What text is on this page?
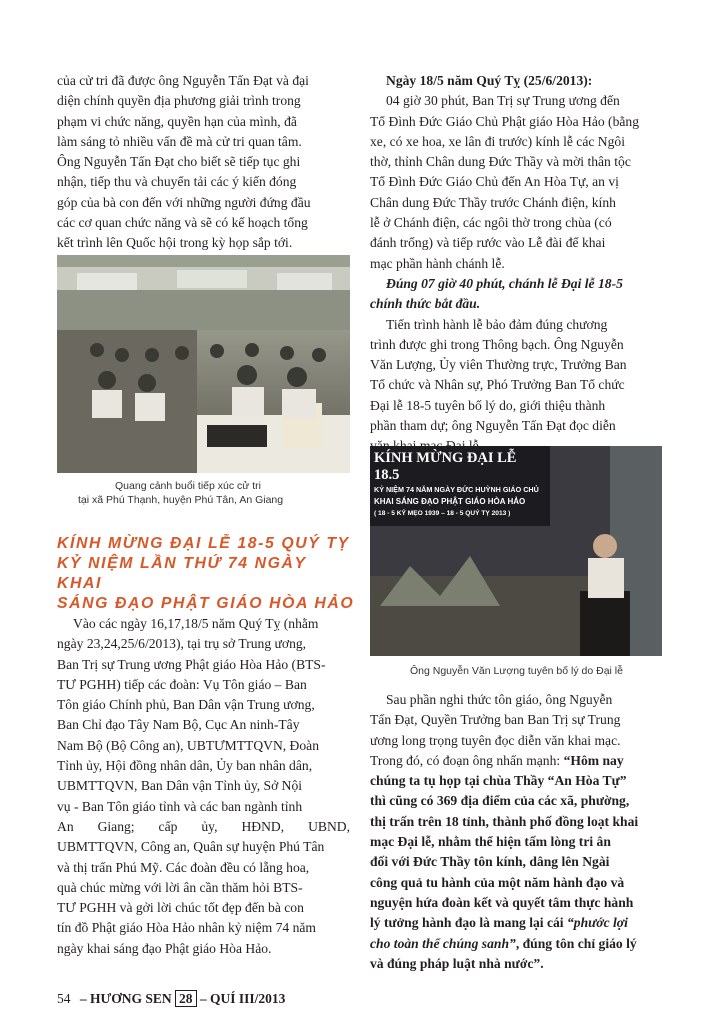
của cử tri đã được ông Nguyễn Tấn Đạt và đại

diện chính quyền địa phương giải trình trong

phạm vi chức năng, quyền hạn của mình, đã

làm sáng tỏ nhiều vấn đề mà cử tri quan tâm.

Ông Nguyễn Tấn Đạt cho biết sẽ tiếp tục ghi

nhận, tiếp thu và chuyển tải các ý kiến đóng

góp của bà con đến với những người đứng đầu

các cơ quan chức năng và sẽ có kế hoạch tổng

kết trình lên Quốc hội trong kỳ họp sắp tới.

Quang cảnh buổi tiếp xúc cử tri
tại xã Phú Thạnh, huyện Phú Tân, An Giang
KÍNH MỪNG ĐẠI LỄ 18-5 QUÝ TỴ
KỶ NIỆM LẦN THỨ 74 NGÀY KHAI
SÁNG ĐẠO PHẬT GIÁO HÒA HẢO

Vào các ngày 16,17,18/5 năm Quý Tỵ (nhằm

ngày 23,24,25/6/2013), tại trụ sở Trung ương,

Ban Trị sự Trung ương Phật giáo Hòa Hảo (BTS-

TƯ PGHH) tiếp các đoàn: Vụ Tôn giáo – Ban

Tôn giáo Chính phủ, Ban Dân vận Trung ương,

Ban Chỉ đạo Tây Nam Bộ, Cục An ninh-Tây

Nam Bộ (Bộ Công an), UBTƯMTTQVN, Đoàn

Tỉnh ủy, Hội đồng nhân dân, Ủy ban nhân dân,

UBMTTQVN, Ban Dân vận Tỉnh ủy, Sở Nội

vụ - Ban Tôn giáo tỉnh và các ban ngành tỉnh

An Giang; cấp ủy, HĐND, UBND,

UBMTTQVN, Công an, Quân sự huyện Phú Tân

và thị trấn Phú Mỹ. Các đoàn đều có lẵng hoa,

quà chúc mừng với lời ân cần thăm hỏi BTS-

TƯ PGHH và gởi lời chúc tốt đẹp đến bà con

tín đồ Phật giáo Hòa Hảo nhân kỷ niệm 74 năm

ngày khai sáng đạo Phật giáo Hòa Hảo.

Ngày 18/5 năm Quý Tỵ (25/6/2013):

04 giờ 30 phút, Ban Trị sự Trung ương đến

Tổ Đình Đức Giáo Chủ Phật giáo Hòa Hảo (bằng

xe, có xe hoa, xe lân đi trước) kính lễ các Ngôi

thờ, thỉnh Chân dung Đức Thầy và mời thân tộc

Tổ Đình Đức Giáo Chủ đến An Hòa Tự, an vị

Chân dung Đức Thầy trước Chánh điện, kính

lễ ở Chánh điện, các ngôi thờ trong chùa (có

đánh trống) và tiếp rước vào Lễ đài để khai

mạc phần hành chánh lễ.

Đúng 07 giờ 40 phút, chánh lễ Đại lễ 18-5

chính thức bắt đầu.

Tiến trình hành lễ bảo đảm đúng chương

trình được ghi trong Thông bạch. Ông Nguyễn

Văn Lượng, Ủy viên Thường trực, Trưởng Ban

Tổ chức và Nhân sự, Phó Trưởng Ban Tổ chức

Đại lễ 18-5 tuyên bố lý do, giới thiệu thành

phần tham dự; ông Nguyễn Tấn Đạt đọc diễn

KÍNH MỪNG ĐẠI LỄ 18.5
KỶ NIỆM 74 NĂM NGÀY ĐỨC HUỲNH GIÁO CHỦ
KHAI SÁNG ĐẠO PHẬT GIÁO HÒA HẢO
( 18 - 5 KỶ MẸO 1939 – 18 - 5 QUÝ TỴ 2013 )
Ông Nguyễn Văn Lượng tuyên bố lý do Đại lễ

Sau phần nghi thức tôn giáo, ông Nguyễn

Tấn Đạt, Quyền Trưởng ban Ban Trị sự Trung

ương long trọng tuyên đọc diễn văn khai mạc.

Trong đó, có đoạn ông nhấn mạnh: “Hôm nay

chúng ta tụ họp tại chùa Thầy “An Hòa Tự”

thì cũng có 369 địa điểm của các xã, phường,

thị trấn trên 18 tỉnh, thành phố đồng loạt khai

mạc Đại lễ, nhằm thể hiện tấm lòng tri ân

đối với Đức Thầy tôn kính, dâng lên Ngài

công quả tu hành của một năm hành đạo và

nguyện hứa đoàn kết và quyết tâm thực hành

lý tưởng hành đạo là mang lại cái “phước lợi

cho toàn thể chúng sanh”, đúng tôn chỉ giáo lý

và đúng pháp luật nhà nước”.

54 – HƯƠNG SEN 28 – QUÍ III/2013
